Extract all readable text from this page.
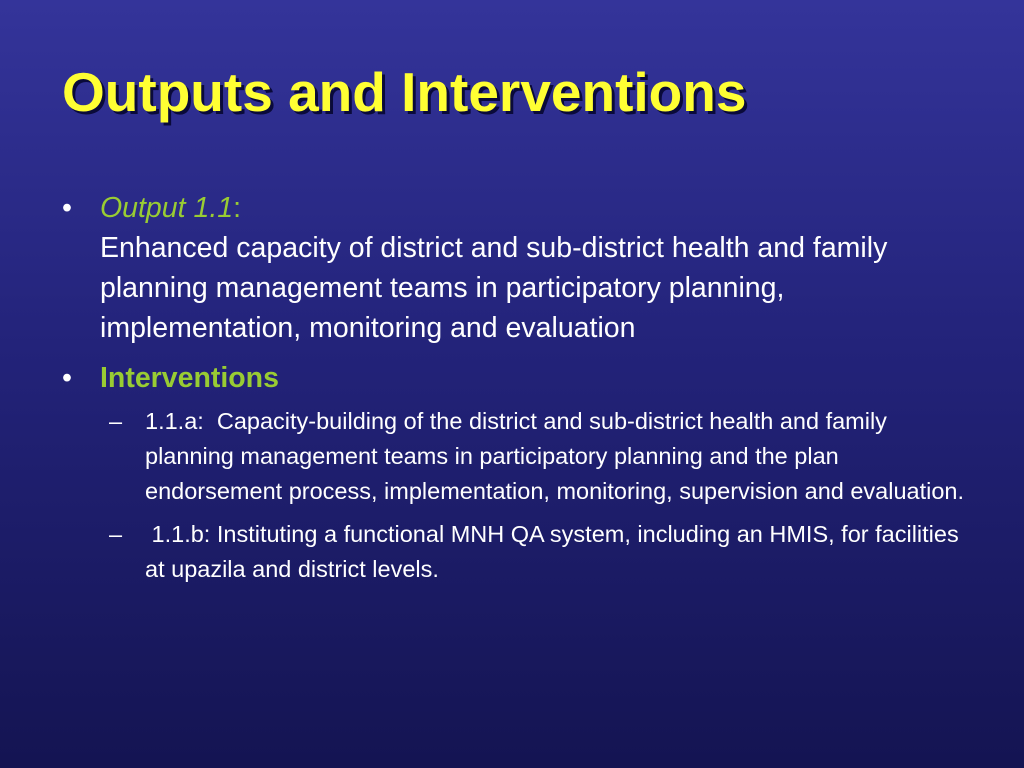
Outputs and Interventions
• Output 1.1:
Enhanced capacity of district and sub-district health and family planning management teams in participatory planning, implementation, monitoring and evaluation
• Interventions
– 1.1.a:  Capacity-building of the district and sub-district health and family planning management teams in participatory planning and the plan  endorsement process, implementation, monitoring, supervision and evaluation.
– 1.1.b: Instituting a functional MNH QA system, including an HMIS, for facilities at upazila and district levels.
